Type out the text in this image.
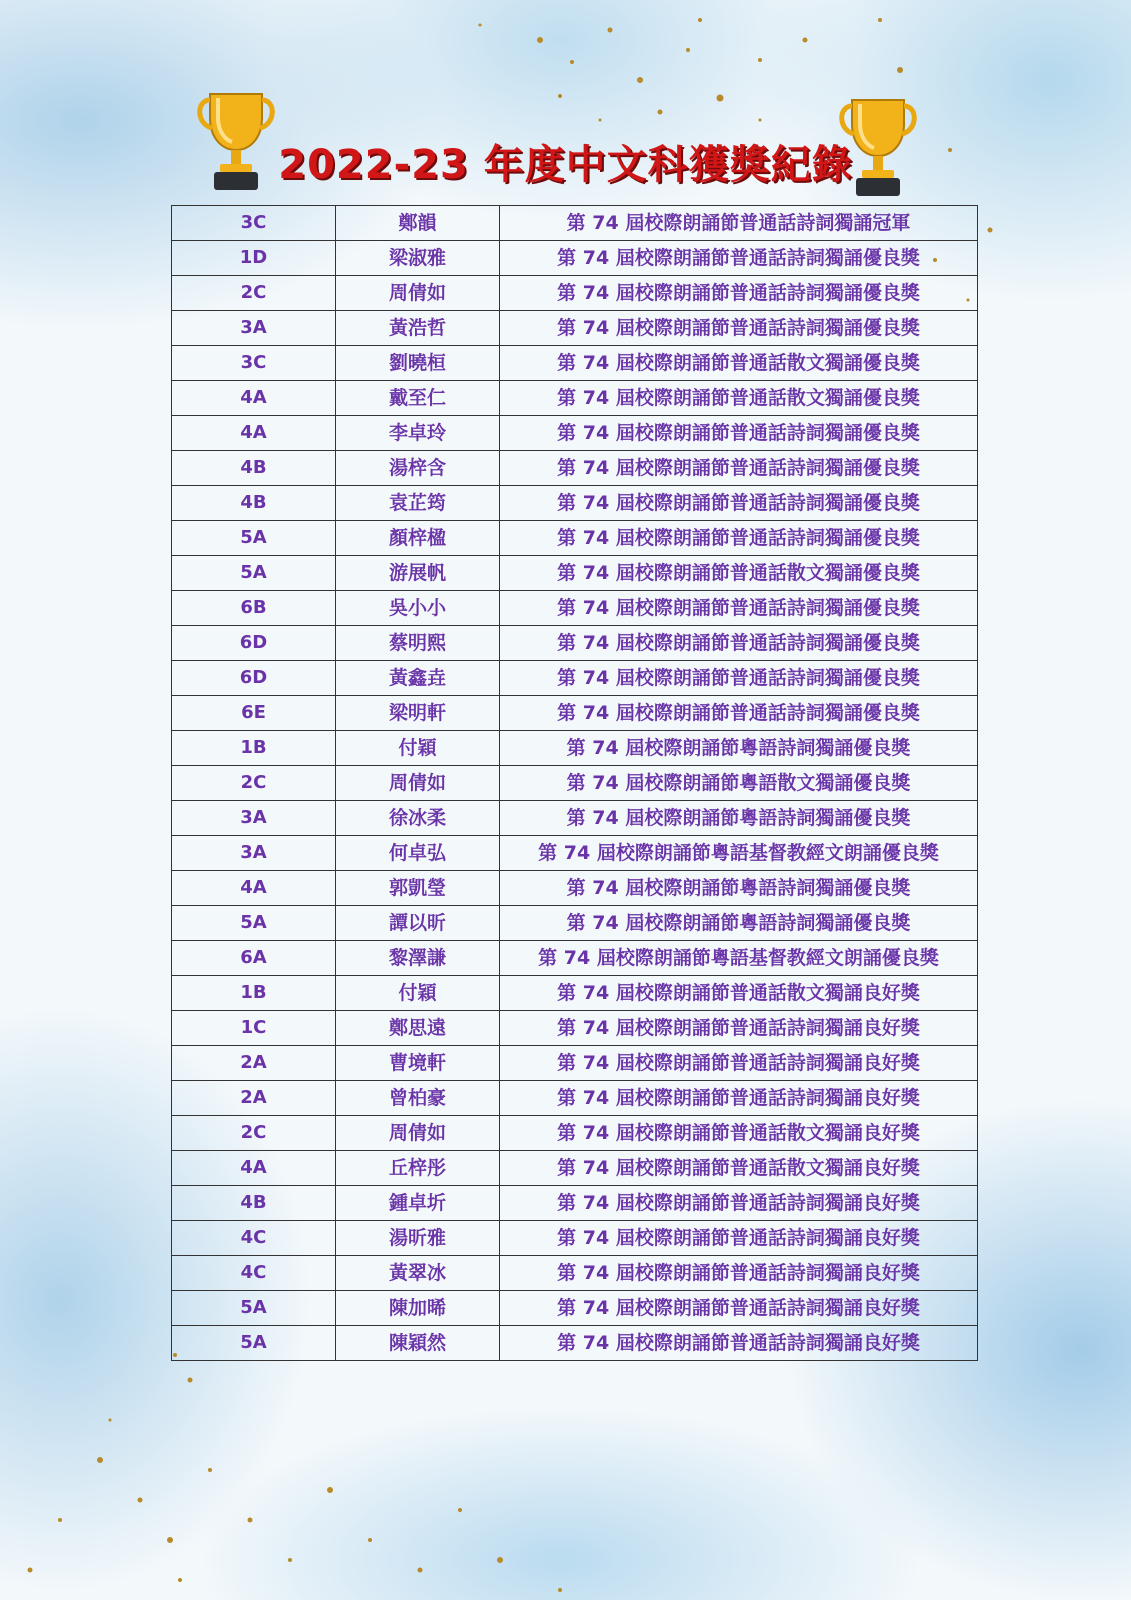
2022-23 年度中文科獲獎紀錄
3C	鄭韻	第 74 屆校際朗誦節普通話詩詞獨誦冠軍
1D	梁淑雅	第 74 屆校際朗誦節普通話詩詞獨誦優良獎
2C	周倩如	第 74 屆校際朗誦節普通話詩詞獨誦優良獎
3A	黃浩哲	第 74 屆校際朗誦節普通話詩詞獨誦優良獎
3C	劉曉桓	第 74 屆校際朗誦節普通話散文獨誦優良獎
4A	戴至仁	第 74 屆校際朗誦節普通話散文獨誦優良獎
4A	李卓玲	第 74 屆校際朗誦節普通話詩詞獨誦優良獎
4B	湯梓含	第 74 屆校際朗誦節普通話詩詞獨誦優良獎
4B	袁芷筠	第 74 屆校際朗誦節普通話詩詞獨誦優良獎
5A	顏梓楹	第 74 屆校際朗誦節普通話詩詞獨誦優良獎
5A	游展帆	第 74 屆校際朗誦節普通話散文獨誦優良獎
6B	吳小小	第 74 屆校際朗誦節普通話詩詞獨誦優良獎
6D	蔡明熙	第 74 屆校際朗誦節普通話詩詞獨誦優良獎
6D	黃鑫垚	第 74 屆校際朗誦節普通話詩詞獨誦優良獎
6E	梁明軒	第 74 屆校際朗誦節普通話詩詞獨誦優良獎
1B	付穎	第 74 屆校際朗誦節粵語詩詞獨誦優良獎
2C	周倩如	第 74 屆校際朗誦節粵語散文獨誦優良獎
3A	徐冰柔	第 74 屆校際朗誦節粵語詩詞獨誦優良獎
3A	何卓弘	第 74 屆校際朗誦節粵語基督教經文朗誦優良獎
4A	郭凱瑩	第 74 屆校際朗誦節粵語詩詞獨誦優良獎
5A	譚以昕	第 74 屆校際朗誦節粵語詩詞獨誦優良獎
6A	黎澤謙	第 74 屆校際朗誦節粵語基督教經文朗誦優良獎
1B	付穎	第 74 屆校際朗誦節普通話散文獨誦良好獎
1C	鄭思遠	第 74 屆校際朗誦節普通話詩詞獨誦良好獎
2A	曹境軒	第 74 屆校際朗誦節普通話詩詞獨誦良好獎
2A	曾柏豪	第 74 屆校際朗誦節普通話詩詞獨誦良好獎
2C	周倩如	第 74 屆校際朗誦節普通話散文獨誦良好獎
4A	丘梓彤	第 74 屆校際朗誦節普通話散文獨誦良好獎
4B	鍾卓圻	第 74 屆校際朗誦節普通話詩詞獨誦良好獎
4C	湯昕雅	第 74 屆校際朗誦節普通話詩詞獨誦良好獎
4C	黃翠冰	第 74 屆校際朗誦節普通話詩詞獨誦良好獎
5A	陳加晞	第 74 屆校際朗誦節普通話詩詞獨誦良好獎
5A	陳穎然	第 74 屆校際朗誦節普通話詩詞獨誦良好獎
